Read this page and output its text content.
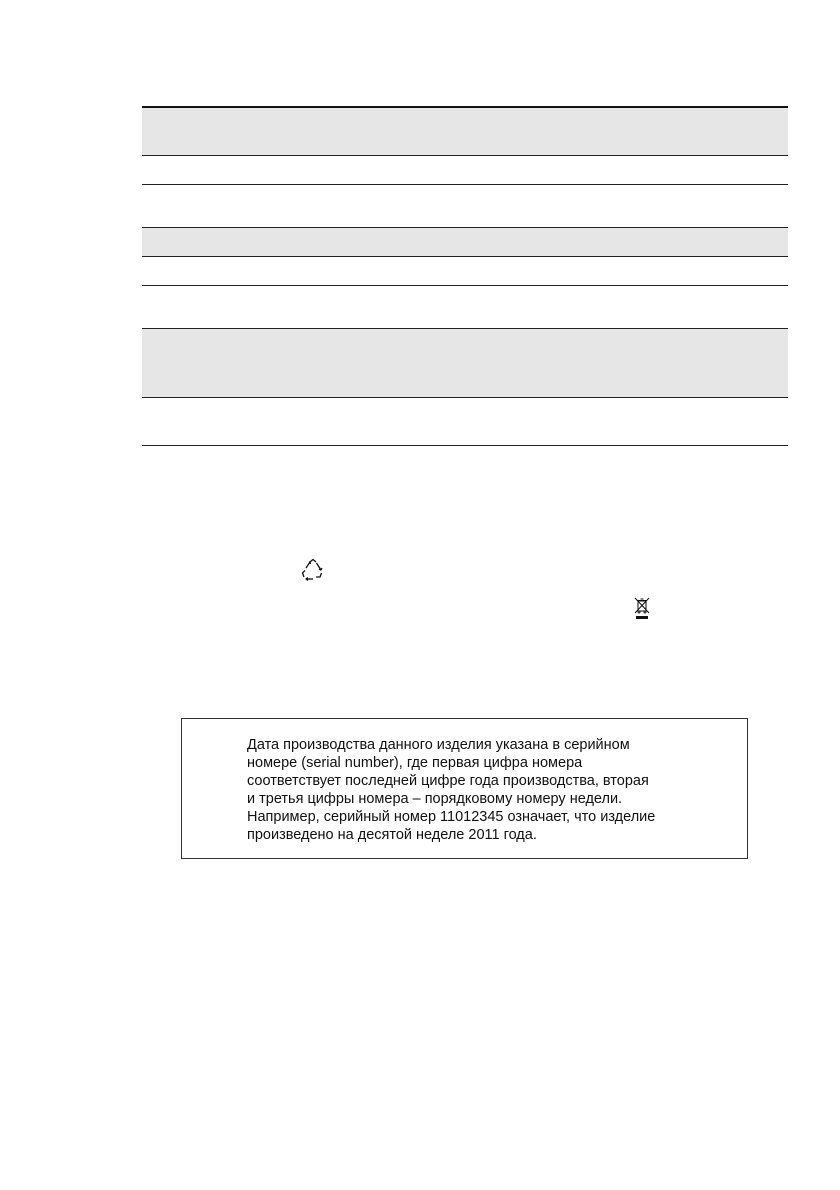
Дата производства данного изделия указана в серийном
номере (serial number), где первая цифра номера
соответствует последней цифре года производства, вторая
и третья цифры номера – порядковому номеру недели.
Например, серийный номер 11012345 означает, что изделие
произведено на десятой неделе 2011 года.
